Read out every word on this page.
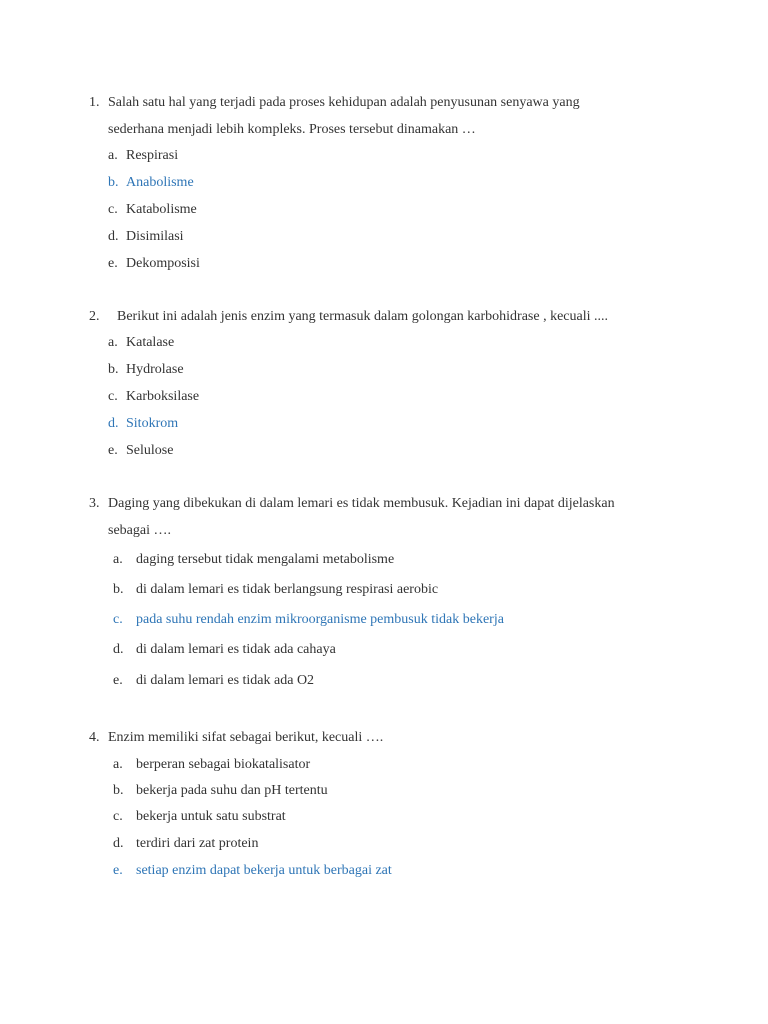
1. Salah satu hal yang terjadi pada proses kehidupan adalah penyusunan senyawa yang
sederhana menjadi lebih kompleks. Proses tersebut dinamakan …
a. Respirasi
b. Anabolisme
c. Katabolisme
d. Disimilasi
e. Dekomposisi
2. Berikut ini adalah jenis enzim yang termasuk dalam golongan karbohidrase , kecuali ....
a. Katalase
b. Hydrolase
c. Karboksilase
d. Sitokrom
e. Selulose
3. Daging yang dibekukan di dalam lemari es tidak membusuk. Kejadian ini dapat dijelaskan
sebagai ….
a. daging tersebut tidak mengalami metabolisme
b. di dalam lemari es tidak berlangsung respirasi aerobic
c. pada suhu rendah enzim mikroorganisme pembusuk tidak bekerja
d. di dalam lemari es tidak ada cahaya
e. di dalam lemari es tidak ada O2
4. Enzim memiliki sifat sebagai berikut, kecuali ….
a. berperan sebagai biokatalisator
b. bekerja pada suhu dan pH tertentu
c. bekerja untuk satu substrat
d. terdiri dari zat protein
e. setiap enzim dapat bekerja untuk berbagai zat
